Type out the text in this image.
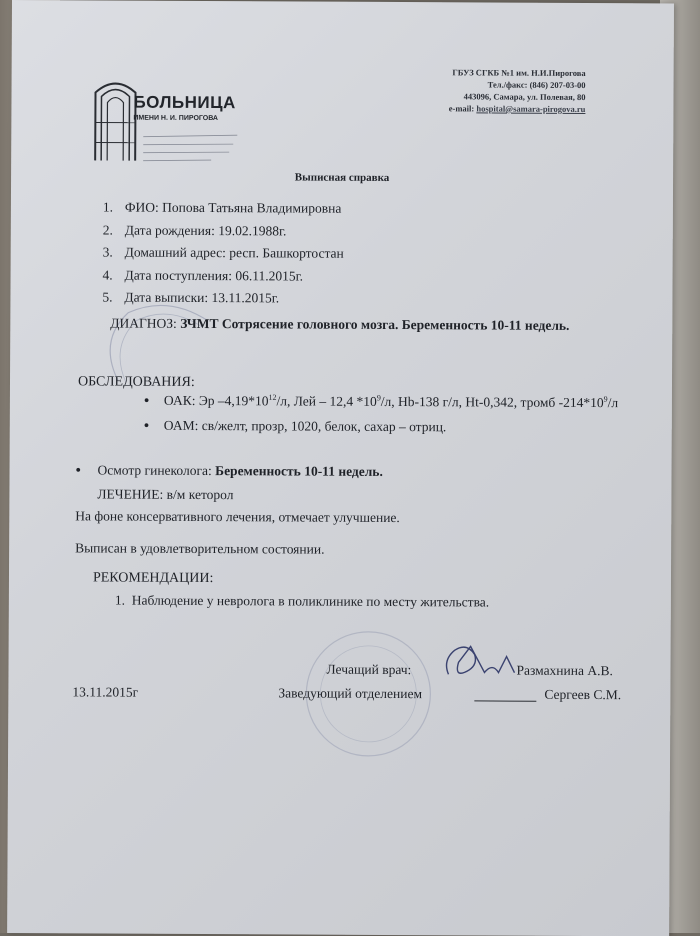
БОЛЬНИЦА
ИМЕНИ Н. И. ПИРОГОВА
ГБУЗ СГКБ №1 им. Н.И.Пирогова
Тел./факс: (846) 207-03-00
443096, Самара, ул. Полевая, 80
e-mail: hospital@samara-pirogova.ru
Выписная справка
1. ФИО: Попова Татьяна Владимировна
2. Дата рождения: 19.02.1988г.
3. Домашний адрес: респ. Башкортостан
4. Дата поступления: 06.11.2015г.
5. Дата выписки: 13.11.2015г.
ДИАГНОЗ: ЗЧМТ Сотрясение головного мозга. Беременность 10-11 недель.
ОБСЛЕДОВАНИЯ:
● ОАК: Эр $-4,19*10^{12}/л$, Лей – 12,4 $*10^9/л$, Hb-138 г/л, Ht-0,342, тромб $-214*10^9/л$
● ОАМ: св/желт, прозр, 1020, белок, сахар – отриц.
● Осмотр гинеколога: Беременность 10-11 недель.
ЛЕЧЕНИЕ: в/м кеторол
На фоне консервативного лечения, отмечает улучшение.
Выписан в удовлетворительном состоянии.
РЕКОМЕНДАЦИИ:
1. Наблюдение у невролога в поликлинике по месту жительства.
Лечащий врач:	Размахнина А.В.
13.11.2015г	Заведующий отделением	Сергеев С.М.
